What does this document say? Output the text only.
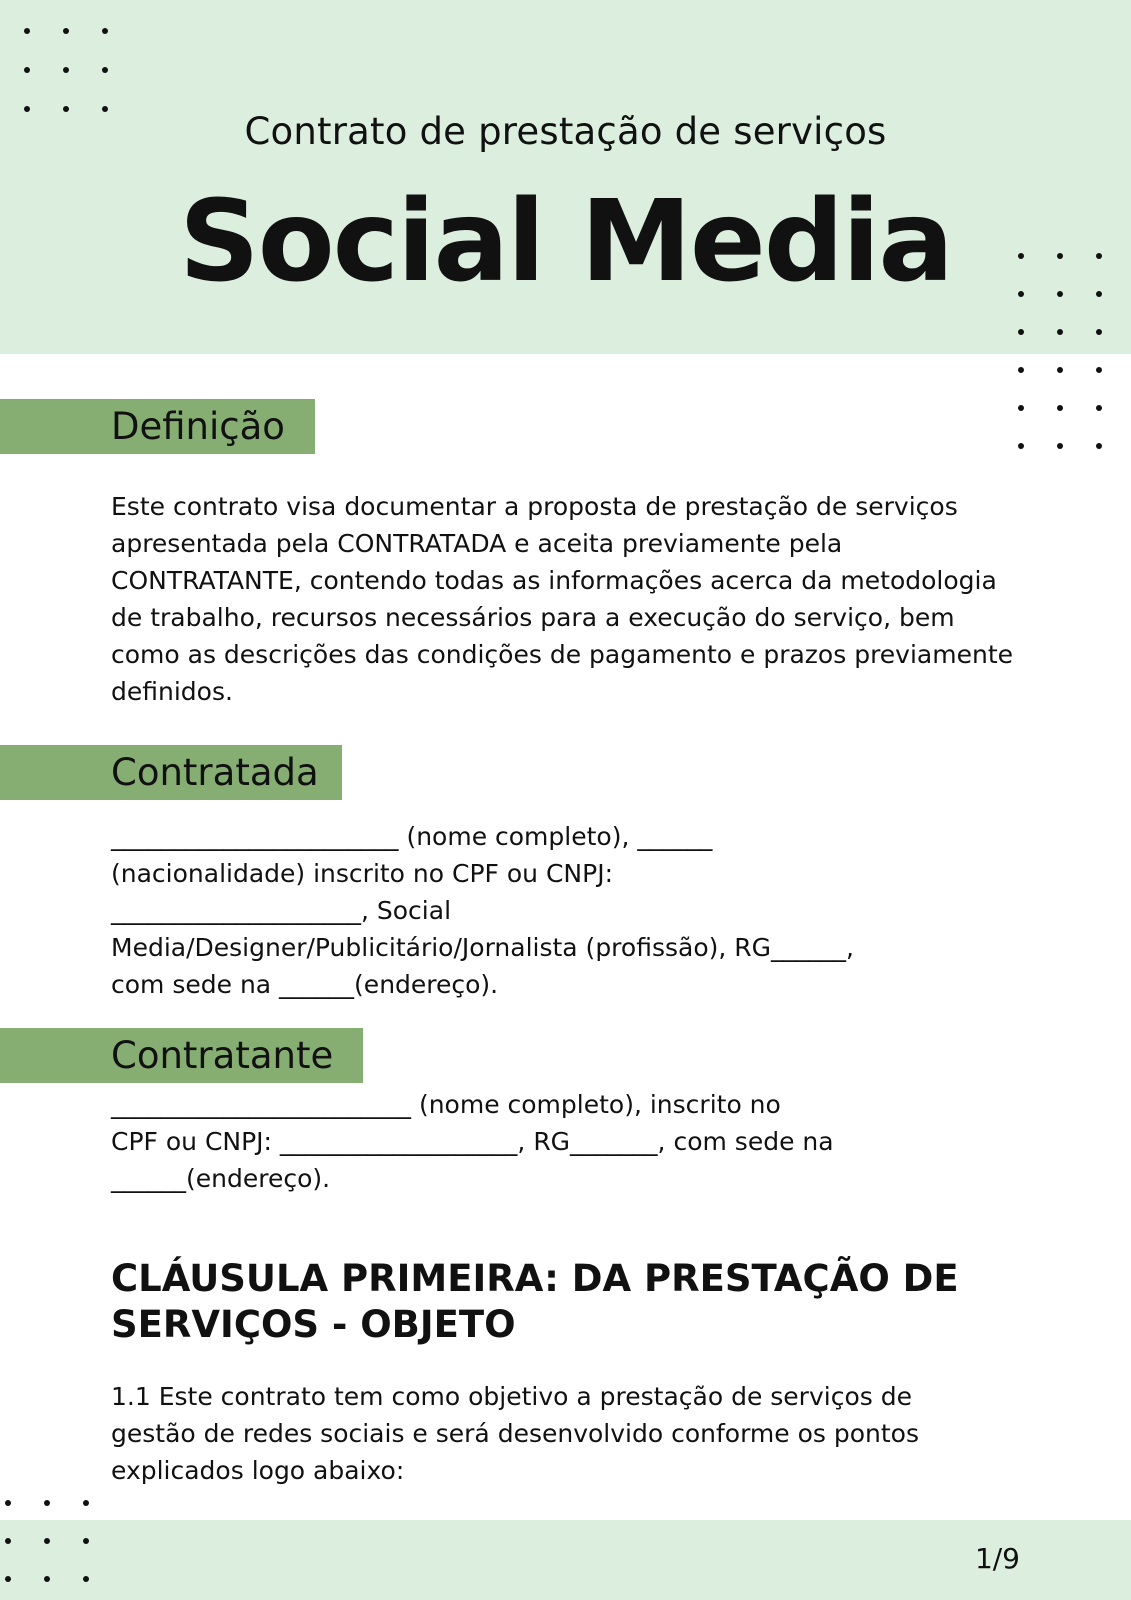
Contrato de prestação de serviços
Social Media
Definição
Este contrato visa documentar a proposta de prestação de serviços apresentada pela CONTRATADA e aceita previamente pela CONTRATANTE, contendo todas as informações acerca da metodologia de trabalho, recursos necessários para a execução do serviço, bem como as descrições das condições de pagamento e prazos previamente definidos.
Contratada
_______________________ (nome completo), ______
(nacionalidade) inscrito no CPF ou CNPJ:
____________________, Social
Media/Designer/Publicitário/Jornalista (profissão), RG______,
com sede na ______(endereço).
Contratante
________________________ (nome completo), inscrito no
CPF ou CNPJ: ___________________, RG_______, com sede na
______(endereço).
CLÁUSULA PRIMEIRA: DA PRESTAÇÃO DE SERVIÇOS - OBJETO
1.1 Este contrato tem como objetivo a prestação de serviços de gestão de redes sociais e será desenvolvido conforme os pontos explicados logo abaixo:
1/9
